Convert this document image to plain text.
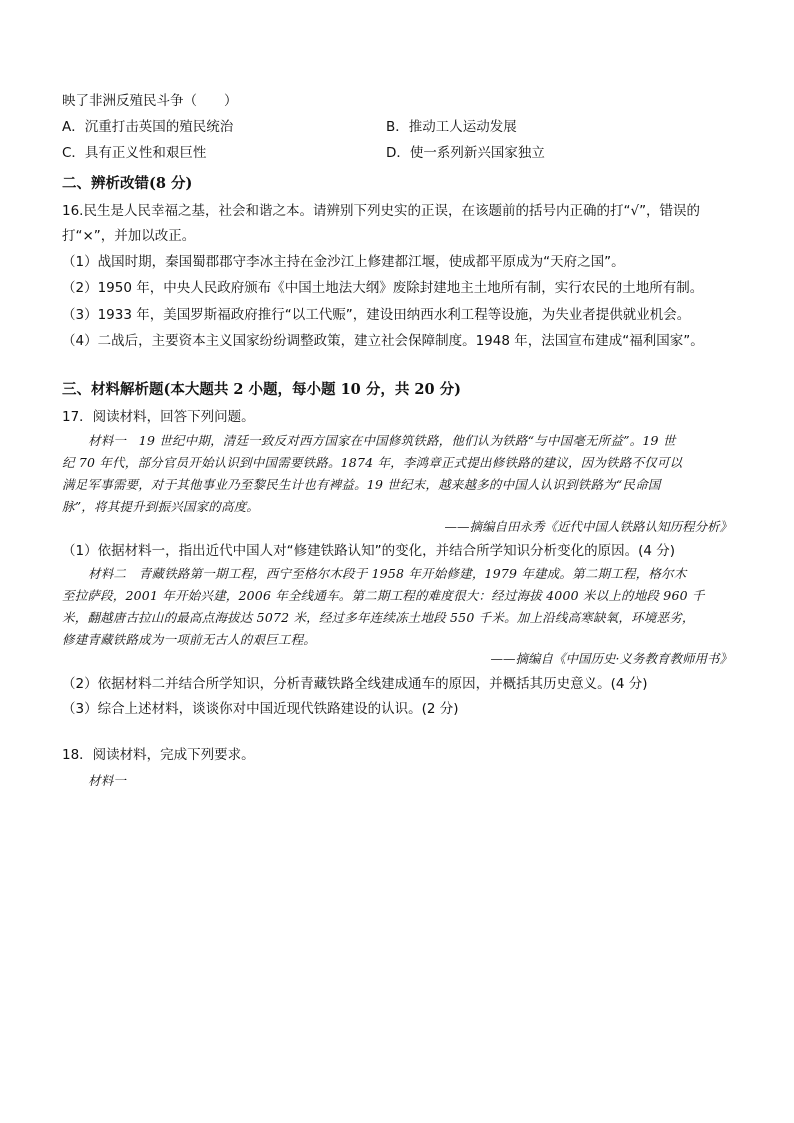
映了非洲反殖民斗争（　　）
A．沉重打击英国的殖民统治	B．推动工人运动发展
C．具有正义性和艰巨性	D．使一系列新兴国家独立
二、辨析改错(8 分)
16.民生是人民幸福之基，社会和谐之本。请辨别下列史实的正误，在该题前的括号内正确的打“√”，错误的
打“×”，并加以改正。
（1）战国时期，秦国蜀郡郡守李冰主持在金沙江上修建都江堰，使成都平原成为“天府之国”。
（2）1950 年，中央人民政府颁布《中国土地法大纲》废除封建地主土地所有制，实行农民的土地所有制。
（3）1933 年，美国罗斯福政府推行“以工代赈”，建设田纳西水利工程等设施，为失业者提供就业机会。
（4）二战后，主要资本主义国家纷纷调整政策，建立社会保障制度。1948 年，法国宣布建成“福利国家”。
三、材料解析题(本大题共 2 小题，每小题 10 分，共 20 分)
17．阅读材料，回答下列问题。
材料一　19 世纪中期，清廷一致反对西方国家在中国修筑铁路，他们认为铁路“与中国毫无所益”。19 世
纪 70 年代，部分官员开始认识到中国需要铁路。1874 年，李鸿章正式提出修铁路的建议，因为铁路不仅可以
满足军事需要，对于其他事业乃至黎民生计也有裨益。19 世纪末，越来越多的中国人认识到铁路为“民命国
脉”，将其提升到振兴国家的高度。
——摘编自田永秀《近代中国人铁路认知历程分析》
（1）依据材料一，指出近代中国人对“修建铁路认知”的变化，并结合所学知识分析变化的原因。(4 分)
材料二　青藏铁路第一期工程，西宁至格尔木段于 1958 年开始修建，1979 年建成。第二期工程，格尔木
至拉萨段，2001 年开始兴建，2006 年全线通车。第二期工程的难度很大：经过海拔 4000 米以上的地段 960 千
米，翻越唐古拉山的最高点海拔达 5072 米，经过多年连续冻土地段 550 千米。加上沿线高寒缺氧，环境恶劣，
修建青藏铁路成为一项前无古人的艰巨工程。
——摘编自《中国历史·义务教育教师用书》
（2）依据材料二并结合所学知识，分析青藏铁路全线建成通车的原因，并概括其历史意义。(4 分)
（3）综合上述材料，谈谈你对中国近现代铁路建设的认识。(2 分)
18．阅读材料，完成下列要求。
材料一
